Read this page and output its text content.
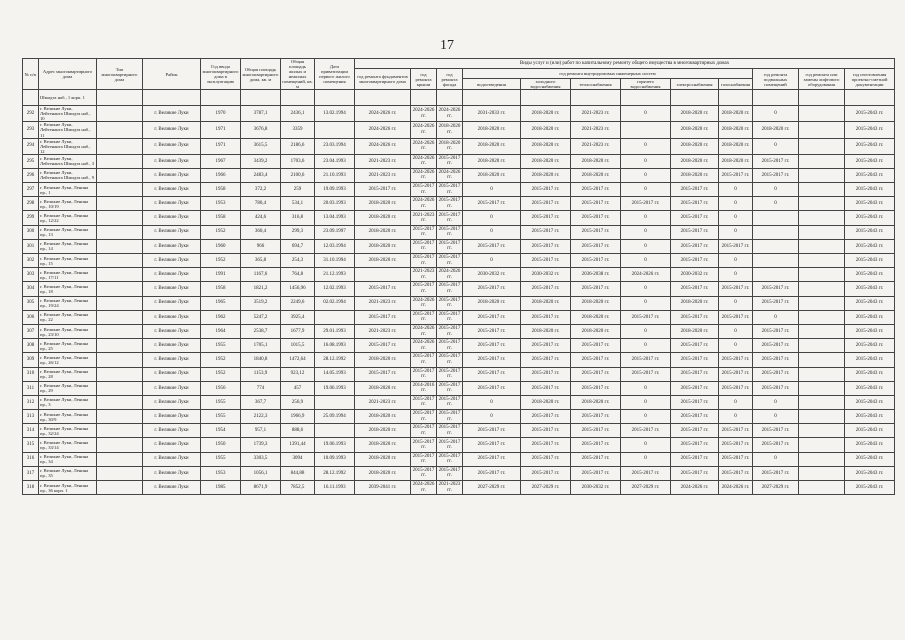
17
№ п/п	Адрес многоквартирного дома	Тип многоквартирного дома	Район	Год ввода многоквартирного дома в эксплуатацию	Общая площадь многоквартирного дома, кв. м	Общая площадь жилых и нежилых помещений, кв. м	Дата приватизации первого жилого помещения	Виды услуг и (или) работ по капитальному ремонту общего имущества в многоквартирных домах											
								год ремонта фундаментов многоквартирного дома	год ремонта крыши	год ремонта фасада	год ремонта внутридомовых инженерных систем						год ремонта подвальных помещений	год ремонта или замены лифтового оборудования	год изготовления проектно-сметной документации
											водоотведения	холодного водоснабжения	теплоснабжения	горячего водоснабжения	электроснабжения	газоснабжения			
	Шмидта наб., 1 корп. 1																		
292	г. Великие Луки, Лейтенанта Шмидта наб., 10		г. Великие Луки	1970	3787,1	2436,1	13.02.1994	2024-2026 гг.	2024-2026 гг.	2024-2026 гг.	2031-2033 гг.	2018-2020 гг.	2021-2023 гг.	0	2018-2020 гг.	2018-2020 гг.	0		2015-2043 гг.
293	г. Великие Луки, Лейтенанта Шмидта наб., 11		г. Великие Луки	1971	3676,8	3359		2024-2026 гг.	2024-2026 гг.	2018-2020 гг.	2018-2020 гг.	2018-2020 гг.	2021-2023 гг.		2018-2020 гг.	2018-2020 гг.	2018-2020 гг.		2015-2043 гг.
294	г. Великие Луки, Лейтенанта Шмидта наб., 12		г. Великие Луки	1971	3615,5	2186,6	23.03.1994	2024-2026 гг.	2024-2026 гг.	2018-2020 гг.	2018-2020 гг.	2018-2020 гг.	2021-2023 гг.	0	2018-2020 гг.	2018-2020 гг.	0		2015-2043 гг.
295	г. Великие Луки, Лейтенанта Шмидта наб., 3		г. Великие Луки	1967	3439,2	1703,6	23.04.1993	2021-2023 гг.	2024-2026 гг.	2015-2017 гг.	2018-2020 гг.	2018-2020 гг.	2018-2020 гг.	0	2018-2020 гг.	2018-2020 гг.	2015-2017 гг.		2015-2043 гг.
296	г. Великие Луки, Лейтенанта Шмидта наб., 9		г. Великие Луки	1966	2483,4	2100,6	21.10.1993	2021-2023 гг.	2024-2026 гг.	2024-2026 гг.	2018-2020 гг.	2018-2020 гг.	2018-2020 гг.	0	2018-2020 гг.	2015-2017 гг.	2015-2017 гг.		2015-2043 гг.
297	г. Великие Луки, Ленина пр., 1		г. Великие Луки	1958	372,2	259	19.09.1993	2015-2017 гг.	2015-2017 гг.	2015-2017 гг.	0	2015-2017 гг.	2015-2017 гг.	0	2015-2017 гг.	0	0		2015-2043 гг.
298	г. Великие Луки, Ленина пр., 10/19		г. Великие Луки	1953	780,4	534,1	20.03.1993	2018-2020 гг.	2024-2026 гг.	2015-2017 гг.	2015-2017 гг.	2015-2017 гг.	2015-2017 гг.	2015-2017 гг.	2015-2017 гг.	0	0		2015-2043 гг.
299	г. Великие Луки, Ленина пр., 12/22		г. Великие Луки	1958	424,6	316,8	13.04.1993	2018-2020 гг.	2021-2023 гг.	2015-2017 гг.	0	2015-2017 гг.	2015-2017 гг.	0	2015-2017 гг.	0			2015-2043 гг.
300	г. Великие Луки, Ленина пр., 13		г. Великие Луки	1952	360,4	299,3	23.09.1997	2018-2020 гг.	2015-2017 гг.	2015-2017 гг.	0	2015-2017 гг.	2015-2017 гг.	0	2015-2017 гг.	0			2015-2043 гг.
301	г. Великие Луки, Ленина пр., 14		г. Великие Луки	1960	966	694,7	12.03.1994	2018-2020 гг.	2015-2017 гг.	2015-2017 гг.	2015-2017 гг.	2015-2017 гг.	2015-2017 гг.	0	2015-2017 гг.	2015-2017 гг.			2015-2043 гг.
302	г. Великие Луки, Ленина пр., 15		г. Великие Луки	1952	365,8	254,3	31.10.1994	2018-2020 гг.	2015-2017 гг.	2015-2017 гг.	0	2015-2017 гг.	2015-2017 гг.	0	2015-2017 гг.	0			2015-2043 гг.
303	г. Великие Луки, Ленина пр., 17/11		г. Великие Луки	1991	1167,6	764,8	21.12.1993		2021-2023 гг.	2024-2026 гг.	2030-2032 гг.	2030-2032 гг.	2036-2038 гг.	2024-2026 гг.	2030-2032 гг.	0			2015-2043 гг.
304	г. Великие Луки, Ленина пр., 18		г. Великие Луки	1958	1821,2	1456,96	12.02.1993	2015-2017 гг.	2015-2017 гг.	2015-2017 гг.	2015-2017 гг.	2015-2017 гг.	2015-2017 гг.	0	2015-2017 гг.	2015-2017 гг.	2015-2017 гг.		2015-2043 гг.
305	г. Великие Луки, Ленина пр., 19/24		г. Великие Луки	1965	3519,2	2249,6	02.02.1994	2021-2023 гг.	2024-2026 гг.	2015-2017 гг.	2018-2020 гг.	2018-2020 гг.	2018-2020 гг.	0	2018-2020 гг.	0	2015-2017 гг.		2015-2043 гг.
306	г. Великие Луки, Ленина пр., 22		г. Великие Луки	1962	5247,2	3925,4		2015-2017 гг.	2015-2017 гг.	2015-2017 гг.	2015-2017 гг.	2015-2017 гг.	2018-2020 гг.	2015-2017 гг.	2015-2017 гг.	2015-2017 гг.	0		2015-2043 гг.
307	г. Великие Луки, Ленина пр., 23/10		г. Великие Луки	1964	2538,7	1677,9	29.01.1993	2021-2023 гг.	2024-2026 гг.	2015-2017 гг.	2015-2017 гг.	2018-2020 гг.	2018-2020 гг.	0	2018-2020 гг.	0	2015-2017 гг.		2015-2043 гг.
308	г. Великие Луки, Ленина пр., 25		г. Великие Луки	1955	1705,1	1015,5	16.08.1993	2015-2017 гг.	2024-2026 гг.	2015-2017 гг.	2015-2017 гг.	2015-2017 гг.	2015-2017 гг.	0	2015-2017 гг.	0	2015-2017 гг.		2015-2043 гг.
309	г. Великие Луки, Ленина пр., 26/12		г. Великие Луки	1952	1840,8	1472,64	28.12.1992	2018-2020 гг.	2015-2017 гг.	2015-2017 гг.	2015-2017 гг.	2015-2017 гг.	2015-2017 гг.	2015-2017 гг.	2015-2017 гг.	2015-2017 гг.	2015-2017 гг.		2015-2043 гг.
310	г. Великие Луки, Ленина пр., 28		г. Великие Луки	1952	1153,9	923,12	14.05.1993	2015-2017 гг.	2015-2017 гг.	2015-2017 гг.	2015-2017 гг.	2015-2017 гг.	2015-2017 гг.	2015-2017 гг.	2015-2017 гг.	2015-2017 гг.	2015-2017 гг.		2015-2043 гг.
311	г. Великие Луки, Ленина пр., 29		г. Великие Луки	1956	774	457	19.06.1993	2018-2020 гг.	2014-2016 гг.	2015-2017 гг.	2015-2017 гг.	2015-2017 гг.	2015-2017 гг.	0	2015-2017 гг.	2015-2017 гг.	2015-2017 гг.		2015-2043 гг.
312	г. Великие Луки, Ленина пр., 3		г. Великие Луки	1955	367,7	256,9		2021-2023 гг.	2015-2017 гг.	2015-2017 гг.	0	2018-2020 гг.	2018-2020 гг.	0	2015-2017 гг.	0	0		2015-2043 гг.
313	г. Великие Луки, Ленина пр., 30/9		г. Великие Луки	1955	2122,3	1966,9	25.09.1994	2018-2020 гг.	2015-2017 гг.	2015-2017 гг.	0	2015-2017 гг.	2015-2017 гг.	0	2015-2017 гг.	0	0		2015-2043 гг.
314	г. Великие Луки, Ленина пр., 32/24		г. Великие Луки	1954	957,1	888,6		2018-2020 гг.	2015-2017 гг.	2015-2017 гг.	2015-2017 гг.	2015-2017 гг.	2015-2017 гг.	2015-2017 гг.	2015-2017 гг.	2015-2017 гг.	2015-2017 гг.		2015-2043 гг.
315	г. Великие Луки, Ленина пр., 33/14		г. Великие Луки	1950	1739,3	1391,44	19.06.1993	2018-2020 гг.	2015-2017 гг.	2015-2017 гг.	2015-2017 гг.	2015-2017 гг.	2015-2017 гг.	0	2015-2017 гг.	2015-2017 гг.	2015-2017 гг.		2015-2043 гг.
316	г. Великие Луки, Ленина пр., 34		г. Великие Луки	1955	3303,5	3094	10.09.1993	2018-2020 гг.	2015-2017 гг.	2015-2017 гг.	2015-2017 гг.	2015-2017 гг.	2015-2017 гг.	0	2015-2017 гг.	2015-2017 гг.	0		2015-2043 гг.
317	г. Великие Луки, Ленина пр., 35		г. Великие Луки	1953	1056,1	844,88	28.12.1992	2018-2020 гг.	2015-2017 гг.	2015-2017 гг.	2015-2017 гг.	2015-2017 гг.	2015-2017 гг.	2015-2017 гг.	2015-2017 гг.	2015-2017 гг.	2015-2017 гг.		2015-2043 гг.
318	г. Великие Луки, Ленина пр., 36 корп. 1		г. Великие Луки	1985	8671,9	7852,5	16.11.1993	2039-2041 гг.	2024-2026 гг.	2021-2023 гг.	2027-2029 гг.	2027-2029 гг.	2030-2032 гг.	2027-2029 гг.	2024-2026 гг.	2024-2026 гг.	2027-2029 гг.		2015-2043 гг.
